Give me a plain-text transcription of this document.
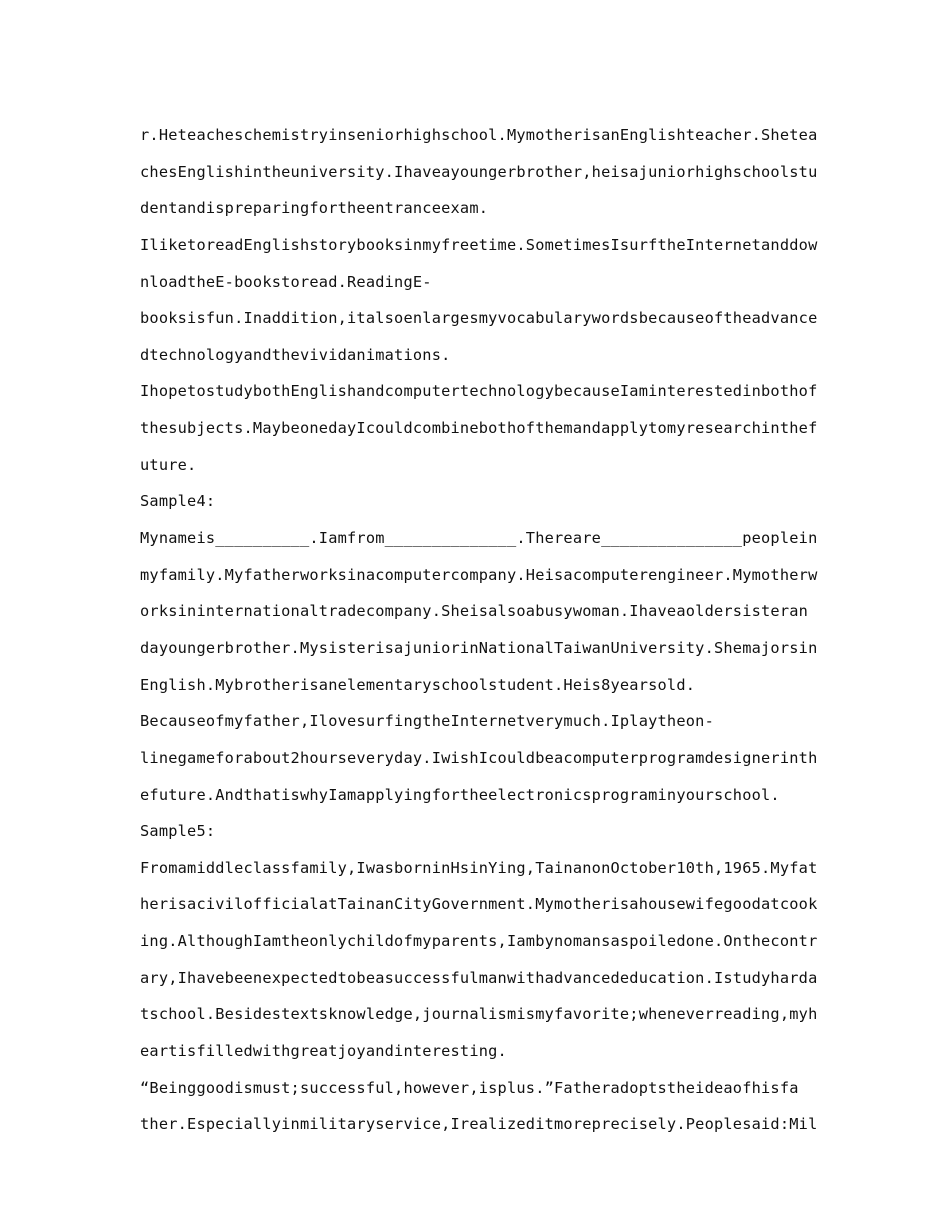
r.Heteacheschemistryinseniorhighschool.MymotherisanEnglishteacher.Shetea
chesEnglishintheuniversity.Ihaveayoungerbrother,heisajuniorhighschoolstu
dentandispreparingfortheentranceexam.
IliketoreadEnglishstorybooksinmyfreetime.SometimesIsurftheInternetanddow
nloadtheE-bookstoread.ReadingE-
booksisfun.Inaddition,italsoenlargesmyvocabularywordsbecauseoftheadvance
dtechnologyandthevividanimations.
IhopetostudybothEnglishandcomputertechnologybecauseIaminterestedinbothof
thesubjects.MaybeonedayIcouldcombinebothofthemandapplytomyresearchinthef
uture.
Sample4:
Mynameis__________.Iamfrom______________.Thereare_______________peoplein
myfamily.Myfatherworksinacomputercompany.Heisacomputerengineer.Mymotherw
orksininternationaltradecompany.Sheisalsoabusywoman.Ihaveaoldersisteran
dayoungerbrother.MysisterisajuniorinNationalTaiwanUniversity.Shemajorsin
English.Mybrotherisanelementaryschoolstudent.Heis8yearsold.
Becauseofmyfather,IlovesurfingtheInternetverymuch.Iplaytheon-
linegameforabout2hourseveryday.IwishIcouldbeacomputerprogramdesignerinth
efuture.AndthatiswhyIamapplyingfortheelectronicsprograminyourschool.
Sample5:
Fromamiddleclassfamily,IwasborninHsinYing,TainanonOctober10th,1965.Myfat
herisacivilofficialatTainanCityGovernment.Mymotherisahousewifegoodatcook
ing.AlthoughIamtheonlychildofmyparents,Iambynomansaspoiledone.Onthecontr
ary,Ihavebeenexpectedtobeasuccessfulmanwithadvancededucation.Istudyharda
tschool.Besidestextsknowledge,journalismismyfavorite;wheneverreading,myh
eartisfilledwithgreatjoyandinteresting.
“Beinggoodismust;successful,however,isplus.”Fatheradoptstheideaofhisfa
ther.Especiallyinmilitaryservice,Irealizeditmoreprecisely.Peoplesaid:Mil
